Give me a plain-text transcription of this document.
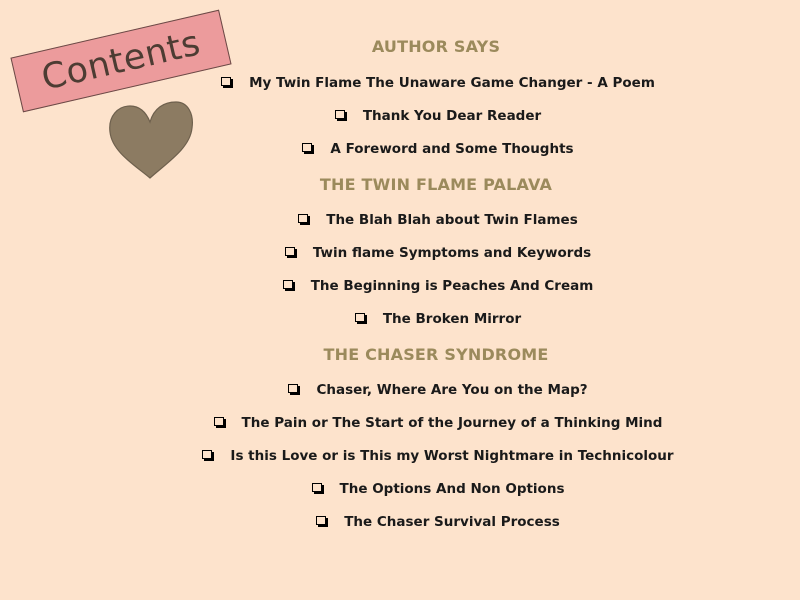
Contents	AUTHOR SAYS
My Twin Flame The Unaware Game Changer - A Poem
Thank You Dear Reader
A Foreword and Some Thoughts
THE TWIN FLAME PALAVA
The Blah Blah about Twin Flames
Twin flame Symptoms and Keywords
The Beginning is Peaches And Cream
The Broken Mirror
THE CHASER SYNDROME
Chaser, Where Are You on the Map?
The Pain or The Start of the Journey of a Thinking Mind
Is this Love or is This my Worst Nightmare in Technicolour
The Options And Non Options
The Chaser Survival Process
